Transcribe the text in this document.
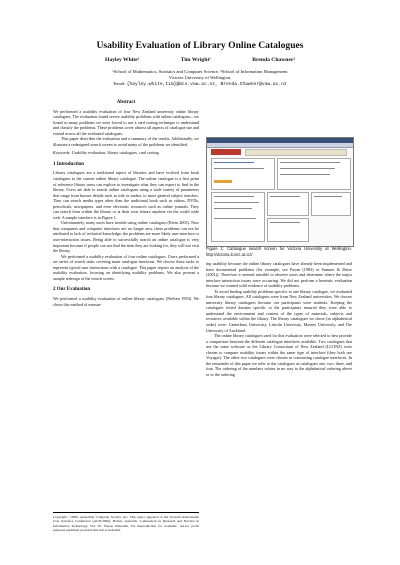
Usability Evaluation of Library Online Catalogues
Hayley White¹	Tim Wright¹	Brenda Chawner²
¹School of Mathematics, Statistics and Computer Science, ²School of Information Management
Victoria University of Wellington,
Email: {hayley.white,tim}@mcs.vuw.ac.nz, Brenda.Chawner@vuw.ac.nz
Abstract

We performed a usability evaluation of four New Zealand university online library catalogues. The evaluation found severe usability problems with online catalogues—we found so many problems we were forced to use a card sorting technique to understand and classify the problems. These problems cover almost all aspects of catalogue use and extend across all the evaluated catalogues.

This paper describes the evaluation and a summary of the results. Additionally, we illustrate a redesigned search screen to avoid many of the problems we identified.

Keywords: Usability evaluation, library catalogues, card sorting

1 Introduction

Library catalogues are a traditional aspect of libraries and have evolved from book catalogues to the current online library catalogue. The online catalogue is a first point of reference library users can explore to investigate what they can expect to find in the library. Users are able to search online catalogues using a wide variety of parameters that range from known details such as title or author, to more general subject searches. They can search media types other than the traditional book such as videos, DVDs, periodicals, newspapers, and even electronic resources such as online journals. They can search from within the library or at their own leisure anytime via the world wide web. A sample interface is in Figure 1.

Unfortunately, many users have trouble using online catalogues (Klein 2003). Now that computers and computer interfaces are no longer new, these problems can not be attributed to lack of technical knowledge; the problems are more likely user-interface or user-interaction issues. Being able to successfully search an online catalogue is very important because if people can not find the item they are looking for, they will not visit the library.

We performed a usability evaluation of four online catalogues. Users performed a set series of search tasks covering main catalogue functions. We choose these tasks to represent typical user interactions with a catalogue. This paper reports an analysis of the usability evaluation, focusing on identifying usability problems. We also present a sample redesign of the search screen.

2 Our Evaluation

We performed a usability evaluation of online library catalogues (Nielsen 1993). We chose this method of measur-

Copyright ©2006, Australian Computer Society, Inc. This paper appeared at the Seventh Australasian User Interface Conference (AUIC2006), Hobart, Australia. Conferences in Research and Practice in Information Technology, Vol. 50. Wayne Piekarski, Ed. Reproduction for academic, not-for profit purposes permitted provided this text is included.
Figure 1: Catalogue search screen for Victoria University at Wellington. http://victoria.lconz.ac.nz/

ing usability because the online library catalogues have already been implemented and have documented problems (for example, see Payan (1983) or Sumner & Dawe (2001)). Therefore it seemed sensible to observe users and determine where the major interface interaction issues were occurring. We did not perform a heuristic evaluation because we wanted solid evidence of usability problems.

To avoid finding usability problems specific to one library catalogue, we evaluated four library catalogues. All catalogues were from New Zealand universities. We choose university library catalogues because our participants were students. Keeping the catalogues tested domain specific to the participants ensured they were able to understand the environment and context of the types of materials, subjects and resources available within the library. The library catalogues we chose (in alphabetical order) were: Canterbury University, Lincoln University, Massey University, and The University of Auckland.

The online library catalogues used for this evaluation were selected to best provide a comparison between the different catalogue interfaces available. Two catalogues that use the same software as the Library Consortium of New Zealand (LCONZ) were chosen to compare usability issues within the same type of interface (they both use Voyager). The other two catalogues were chosen as contrasting catalogue interfaces. In the remainder of this paper we refer to the catalogues as catalogues one, two, three, and four. The ordering of the numbers relates in no way to the alphabetical ordering above or to the ordering
